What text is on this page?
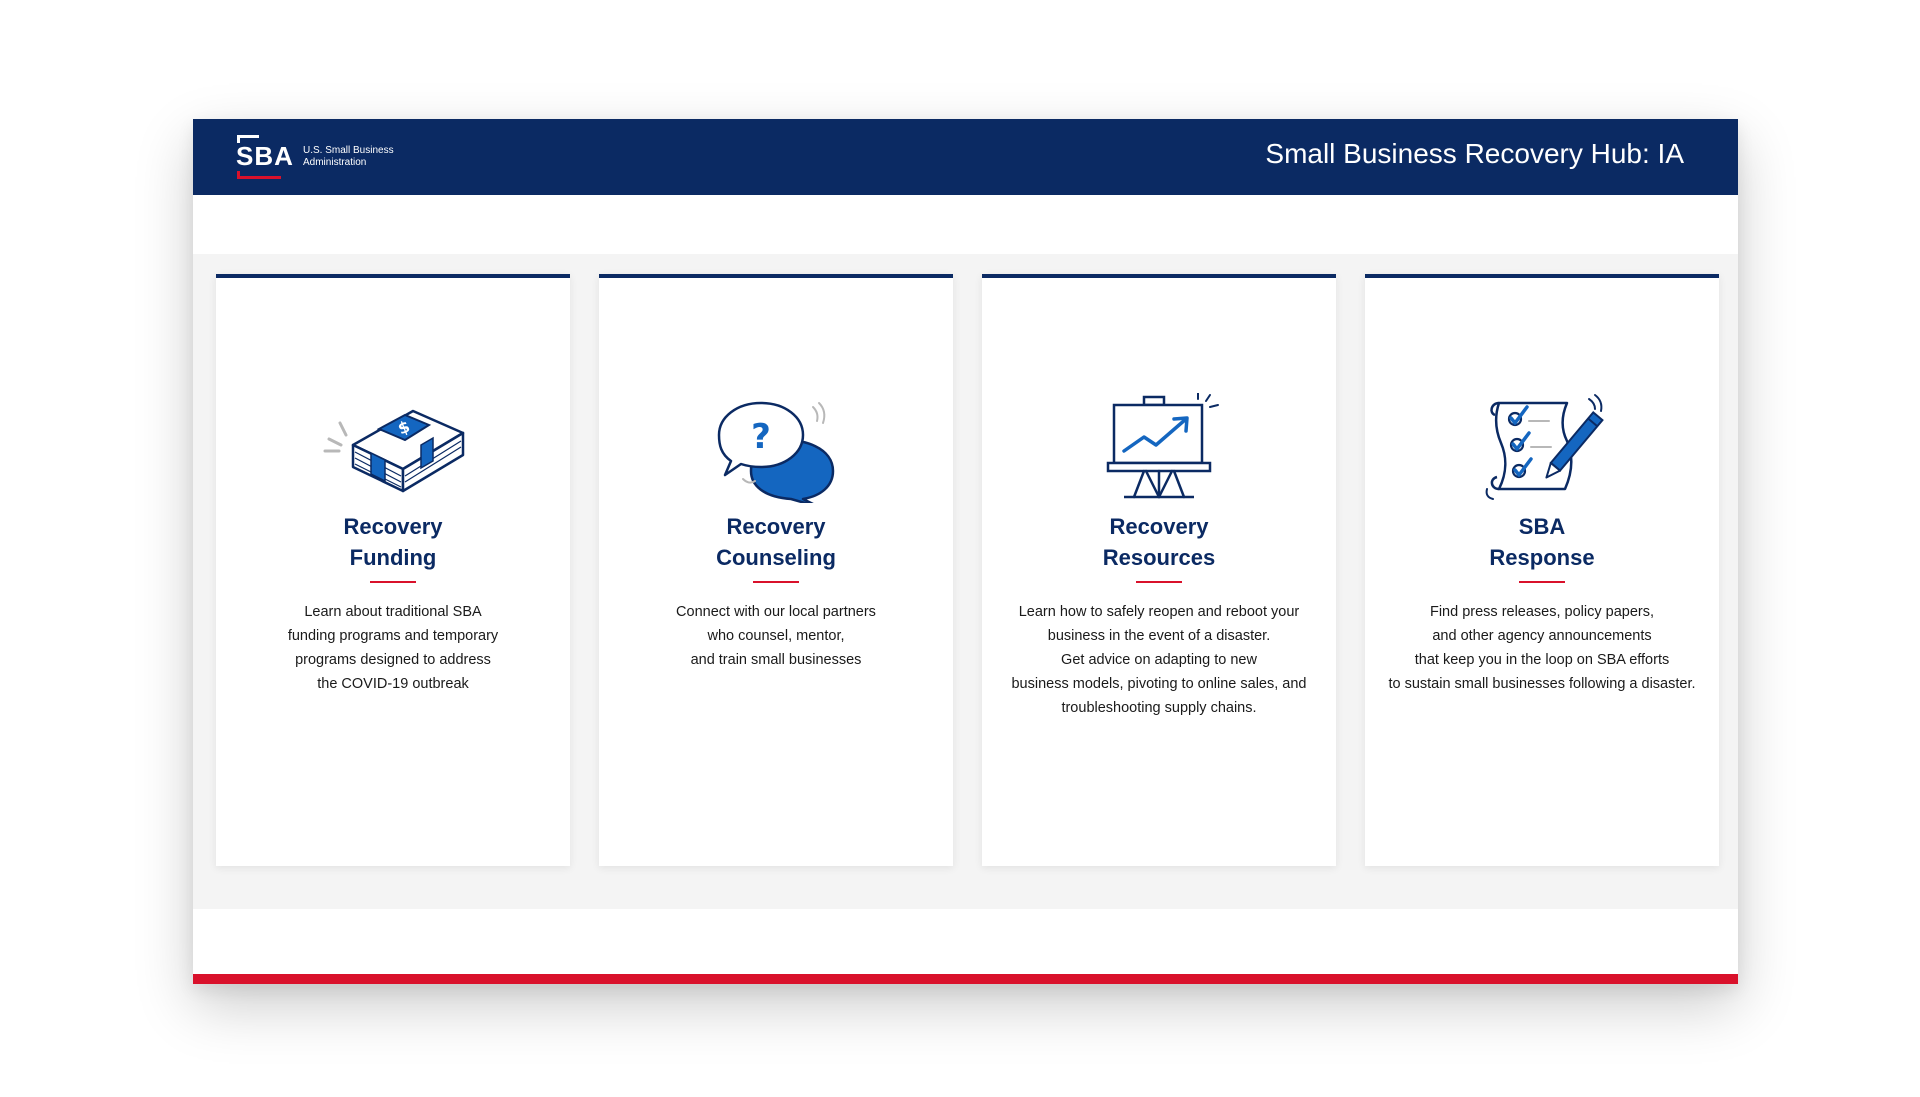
SBA U.S. Small Business
Administration	Small Business Recovery Hub: IA
$
Recovery
Funding
Learn about traditional SBA
funding programs and temporary
programs designed to address
the COVID-19 outbreak
?
Recovery
Counseling
Connect with our local partners
who counsel, mentor,
and train small businesses
Recovery
Resources
Learn how to safely reopen and reboot your
business in the event of a disaster.
Get advice on adapting to new
business models, pivoting to online sales, and
troubleshooting supply chains.
SBA
Response
Find press releases, policy papers,
and other agency announcements
that keep you in the loop on SBA efforts
to sustain small businesses following a disaster.
